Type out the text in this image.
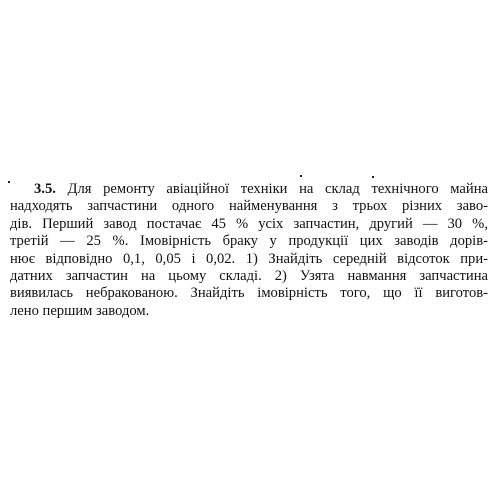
3.5. Для ремонту авіаційної техніки на склад технічного майна
надходять запчастини одного найменування з трьох різних заво-
дів. Перший завод постачає 45 % усіх запчастин, другий — 30 %,
третій — 25 %. Імовірність браку у продукції цих заводів дорів-
нює відповідно 0,1, 0,05 і 0,02. 1) Знайдіть середній відсоток при-
датних запчастин на цьому складі. 2) Узята навмання запчастина
виявилась небракованою. Знайдіть імовірність того, що її виготов-
лено першим заводом.
